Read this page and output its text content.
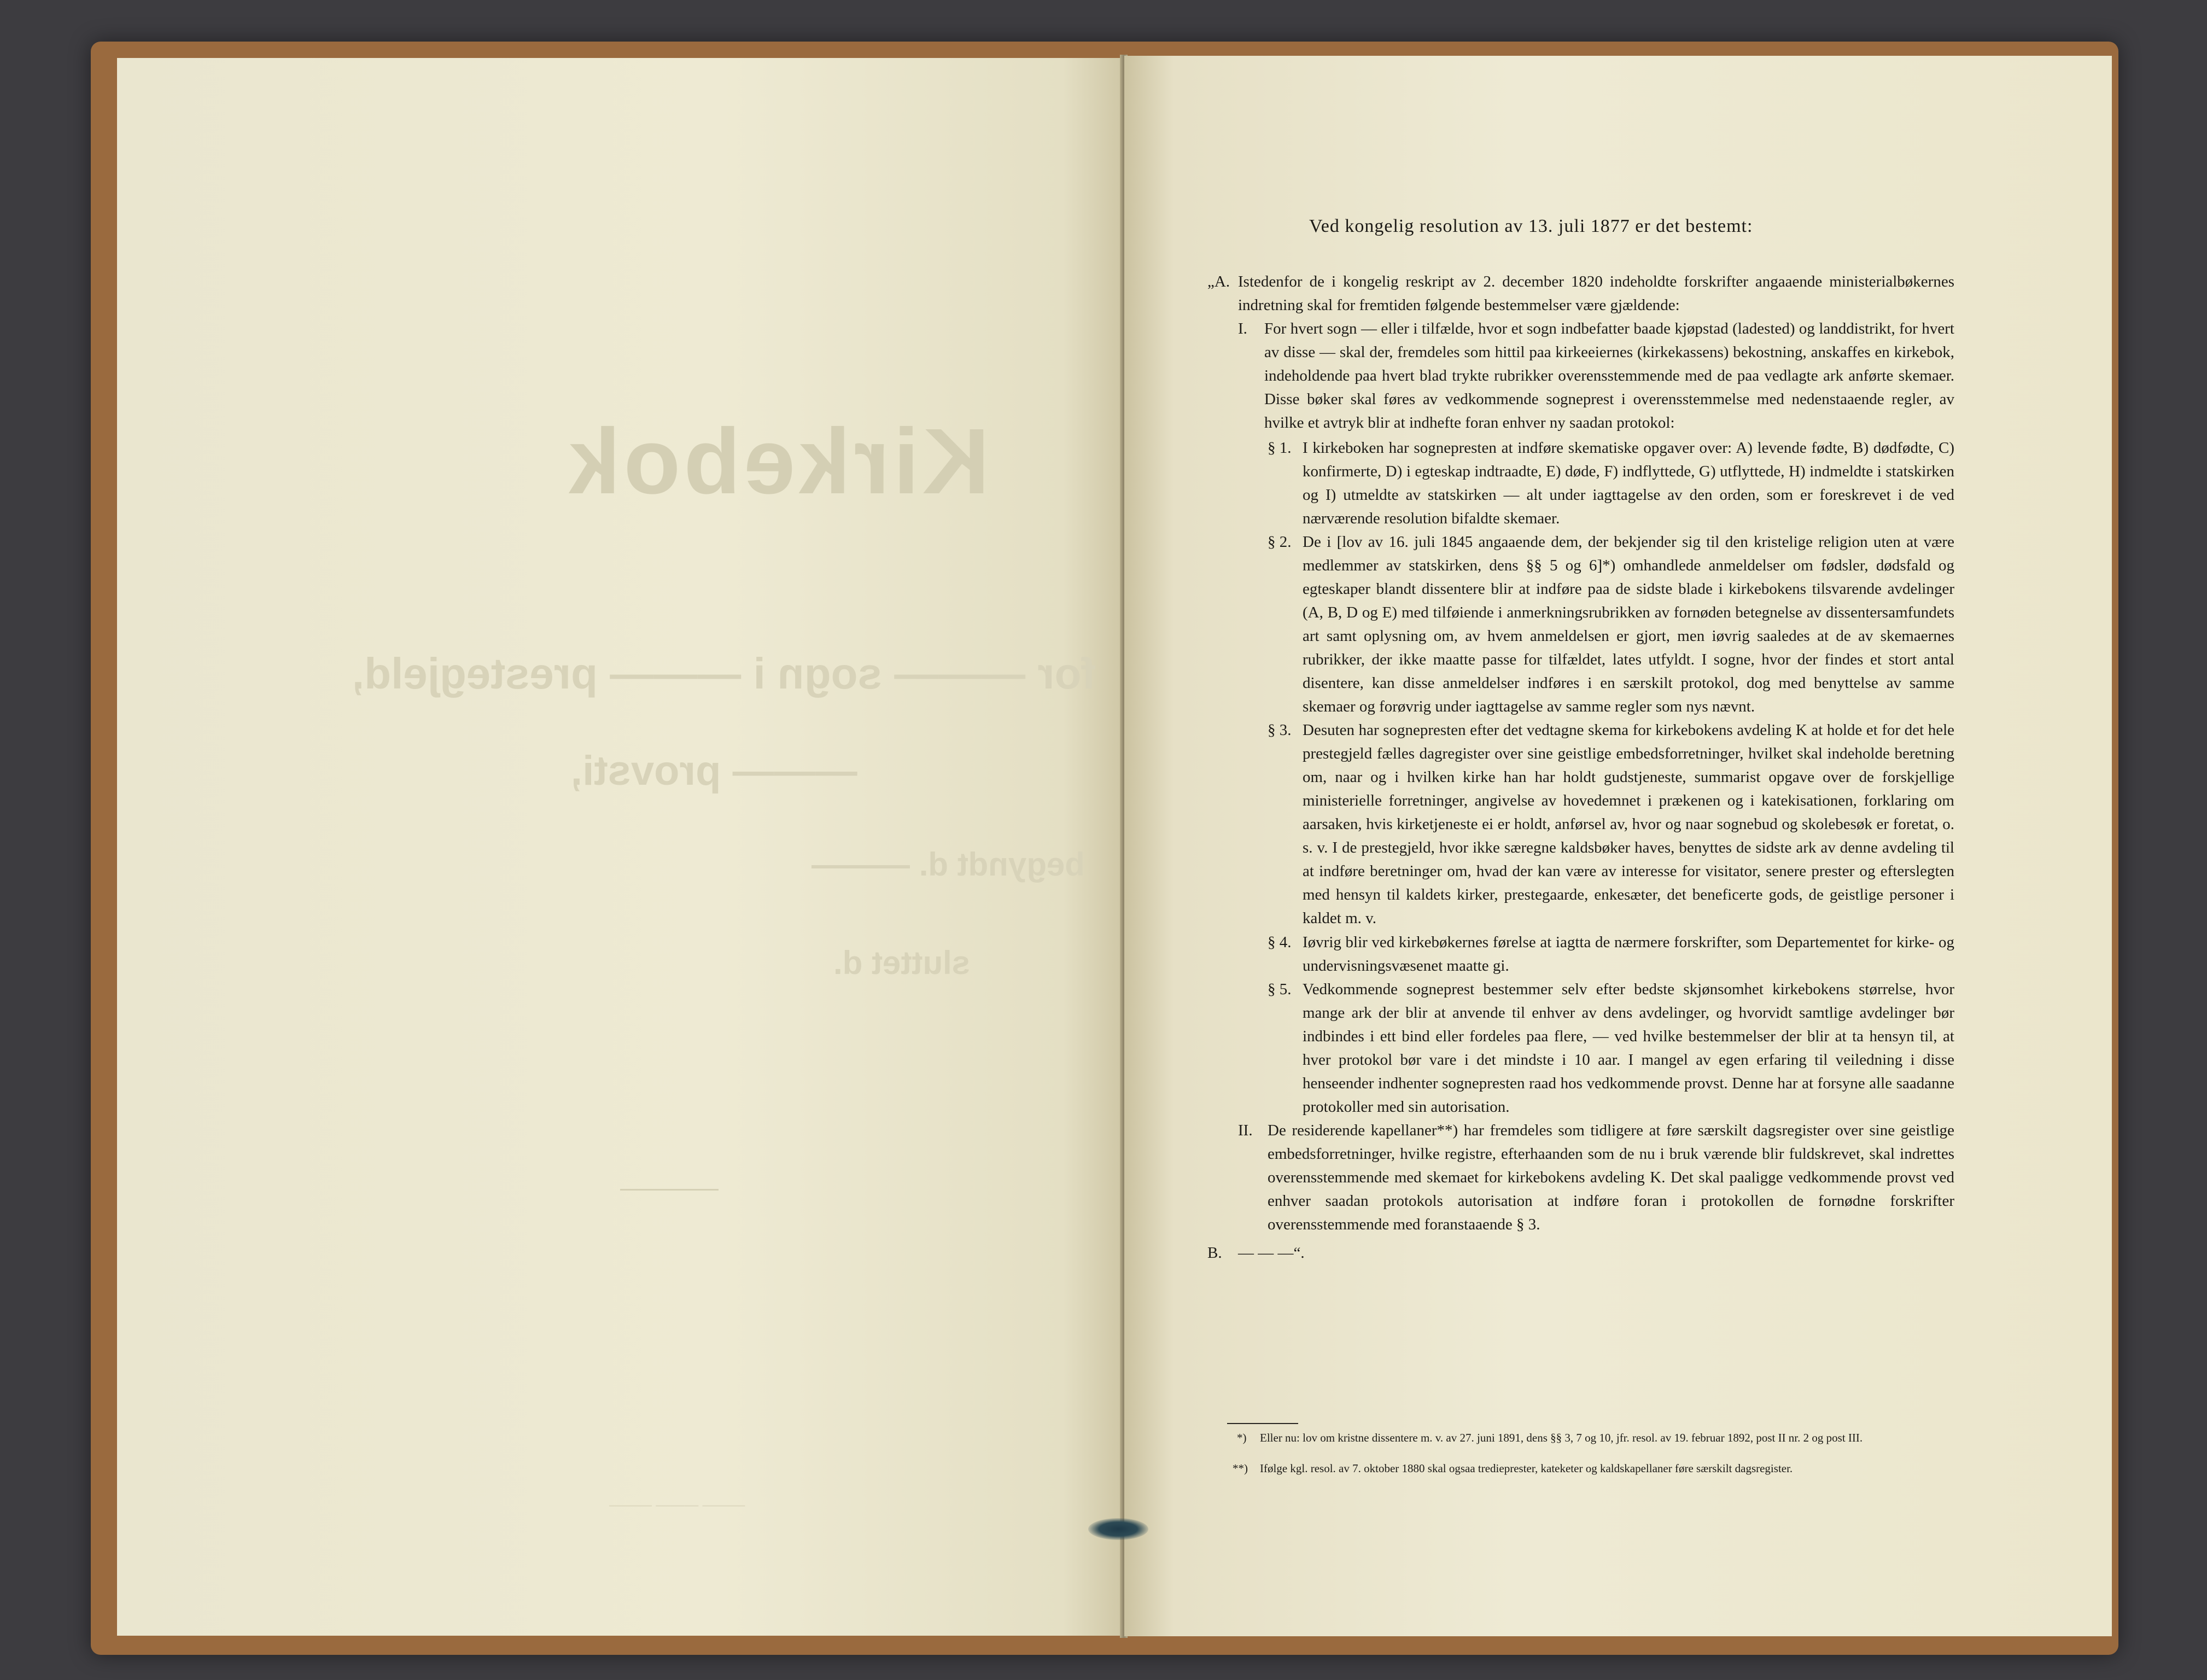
Kirkebok
for ——— sogn i ——— prestegjeld,
——— provsti,
begyndt d. ———
sluttet d.
——— ——— ———
Ved kongelig resolution av 13. juli 1877 er det bestemt:
„A. Istedenfor de i kongelig reskript av 2. december 1820 indeholdte forskrifter angaaende ministerialbøkernes indretning skal for fremtiden følgende bestemmelser være gjældende:
I. For hvert sogn — eller i tilfælde, hvor et sogn indbefatter baade kjøpstad (ladested) og landdistrikt, for hvert av disse — skal der, fremdeles som hittil paa kirkeeiernes (kirkekassens) bekostning, anskaffes en kirkebok, indeholdende paa hvert blad trykte rubrikker overensstemmende med de paa vedlagte ark anførte skemaer. Disse bøker skal føres av vedkommende sogneprest i overensstemmelse med nedenstaaende regler, av hvilke et avtryk blir at indhefte foran enhver ny saadan protokol:
§ 1. I kirkeboken har sognepresten at indføre skematiske opgaver over: A) levende fødte, B) dødfødte, C) konfirmerte, D) i egteskap indtraadte, E) døde, F) indflyttede, G) utflyttede, H) indmeldte i statskirken og I) utmeldte av statskirken — alt under iagttagelse av den orden, som er foreskrevet i de ved nærværende resolution bifaldte skemaer.
§ 2. De i [lov av 16. juli 1845 angaaende dem, der bekjender sig til den kristelige religion uten at være medlemmer av statskirken, dens §§ 5 og 6]*) omhandlede anmeldelser om fødsler, dødsfald og egteskaper blandt dissentere blir at indføre paa de sidste blade i kirkebokens tilsvarende avdelinger (A, B, D og E) med tilføiende i anmerkningsrubrikken av fornøden betegnelse av dissentersamfundets art samt oplysning om, av hvem anmeldelsen er gjort, men iøvrig saaledes at de av skemaernes rubrikker, der ikke maatte passe for tilfældet, lates utfyldt. I sogne, hvor der findes et stort antal disentere, kan disse anmeldelser indføres i en særskilt protokol, dog med benyttelse av samme skemaer og forøvrig under iagttagelse av samme regler som nys nævnt.
§ 3. Desuten har sognepresten efter det vedtagne skema for kirkebokens avdeling K at holde et for det hele prestegjeld fælles dagregister over sine geistlige embedsforretninger, hvilket skal indeholde beretning om, naar og i hvilken kirke han har holdt gudstjeneste, summarist opgave over de forskjellige ministerielle forretninger, angivelse av hovedemnet i prækenen og i katekisationen, forklaring om aarsaken, hvis kirketjeneste ei er holdt, anførsel av, hvor og naar sognebud og skolebesøk er foretat, o. s. v. I de prestegjeld, hvor ikke særegne kaldsbøker haves, benyttes de sidste ark av denne avdeling til at indføre beretninger om, hvad der kan være av interesse for visitator, senere prester og efterslegten med hensyn til kaldets kirker, prestegaarde, enkesæter, det beneficerte gods, de geistlige personer i kaldet m. v.
§ 4. Iøvrig blir ved kirkebøkernes førelse at iagtta de nærmere forskrifter, som Departementet for kirke- og undervisningsvæsenet maatte gi.
§ 5. Vedkommende sogneprest bestemmer selv efter bedste skjønsomhet kirkebokens størrelse, hvor mange ark der blir at anvende til enhver av dens avdelinger, og hvorvidt samtlige avdelinger bør indbindes i ett bind eller fordeles paa flere, — ved hvilke bestemmelser der blir at ta hensyn til, at hver protokol bør vare i det mindste i 10 aar. I mangel av egen erfaring til veiledning i disse henseender indhenter sognepresten raad hos vedkommende provst. Denne har at forsyne alle saadanne protokoller med sin autorisation.
II. De residerende kapellaner**) har fremdeles som tidligere at føre særskilt dagsregister over sine geistlige embedsforretninger, hvilke registre, efterhaanden som de nu i bruk værende blir fuldskrevet, skal indrettes overensstemmende med skemaet for kirkebokens avdeling K. Det skal paaligge vedkommende provst ved enhver saadan protokols autorisation at indføre foran i protokollen de fornødne forskrifter overensstemmende med foranstaaende § 3.
B. — — —“.
*) Eller nu: lov om kristne dissentere m. v. av 27. juni 1891, dens §§ 3, 7 og 10, jfr. resol. av 19. februar 1892, post II nr. 2 og post III.
**) Ifølge kgl. resol. av 7. oktober 1880 skal ogsaa tredieprester, kateketer og kaldskapellaner føre særskilt dagsregister.
